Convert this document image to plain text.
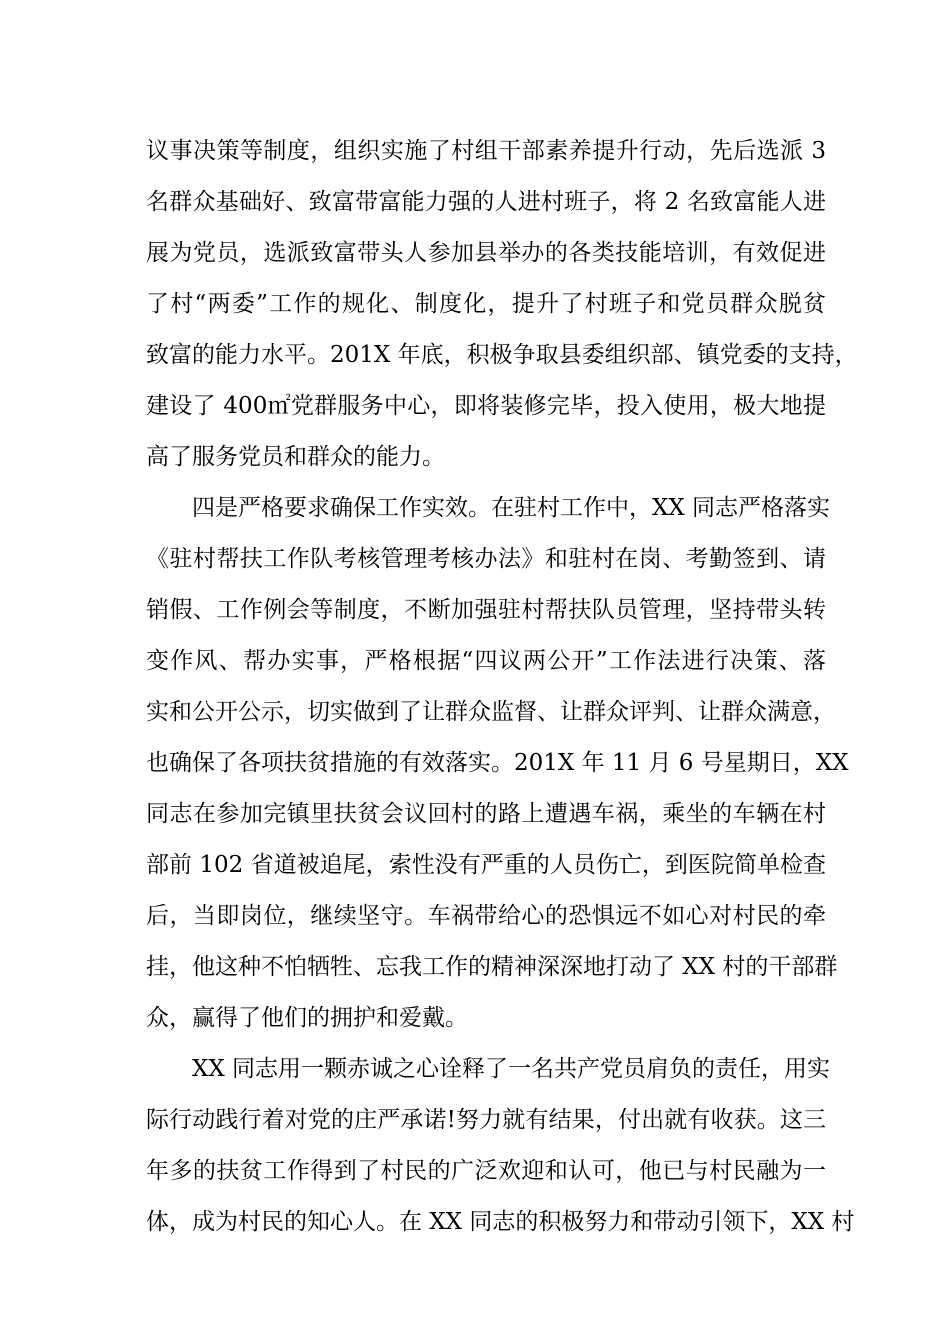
议事决策等制度，组织实施了村组干部素养提升行动，先后选派 3
名群众基础好、致富带富能力强的人进村班子，将 2 名致富能人进
展为党员，选派致富带头人参加县举办的各类技能培训，有效促进
了村“两委”工作的规化、制度化，提升了村班子和党员群众脱贫
致富的能力水平。201X 年底，积极争取县委组织部、镇党委的支持，
建设了 400㎡党群服务中心，即将装修完毕，投入使用，极大地提
高了服务党员和群众的能力。
四是严格要求确保工作实效。在驻村工作中，XX 同志严格落实
《驻村帮扶工作队考核管理考核办法》和驻村在岗、考勤签到、请
销假、工作例会等制度，不断加强驻村帮扶队员管理，坚持带头转
变作风、帮办实事，严格根据“四议两公开”工作法进行决策、落
实和公开公示，切实做到了让群众监督、让群众评判、让群众满意，
也确保了各项扶贫措施的有效落实。201X 年 11 月 6 号星期日，XX
同志在参加完镇里扶贫会议回村的路上遭遇车祸，乘坐的车辆在村
部前 102 省道被追尾，索性没有严重的人员伤亡，到医院简单检查
后，当即岗位，继续坚守。车祸带给心的恐惧远不如心对村民的牵
挂，他这种不怕牺牲、忘我工作的精神深深地打动了 XX 村的干部群
众，赢得了他们的拥护和爱戴。
XX 同志用一颗赤诚之心诠释了一名共产党员肩负的责任，用实
际行动践行着对党的庄严承诺!努力就有结果，付出就有收获。这三
年多的扶贫工作得到了村民的广泛欢迎和认可，他已与村民融为一
体，成为村民的知心人。在 XX 同志的积极努力和带动引领下，XX 村
